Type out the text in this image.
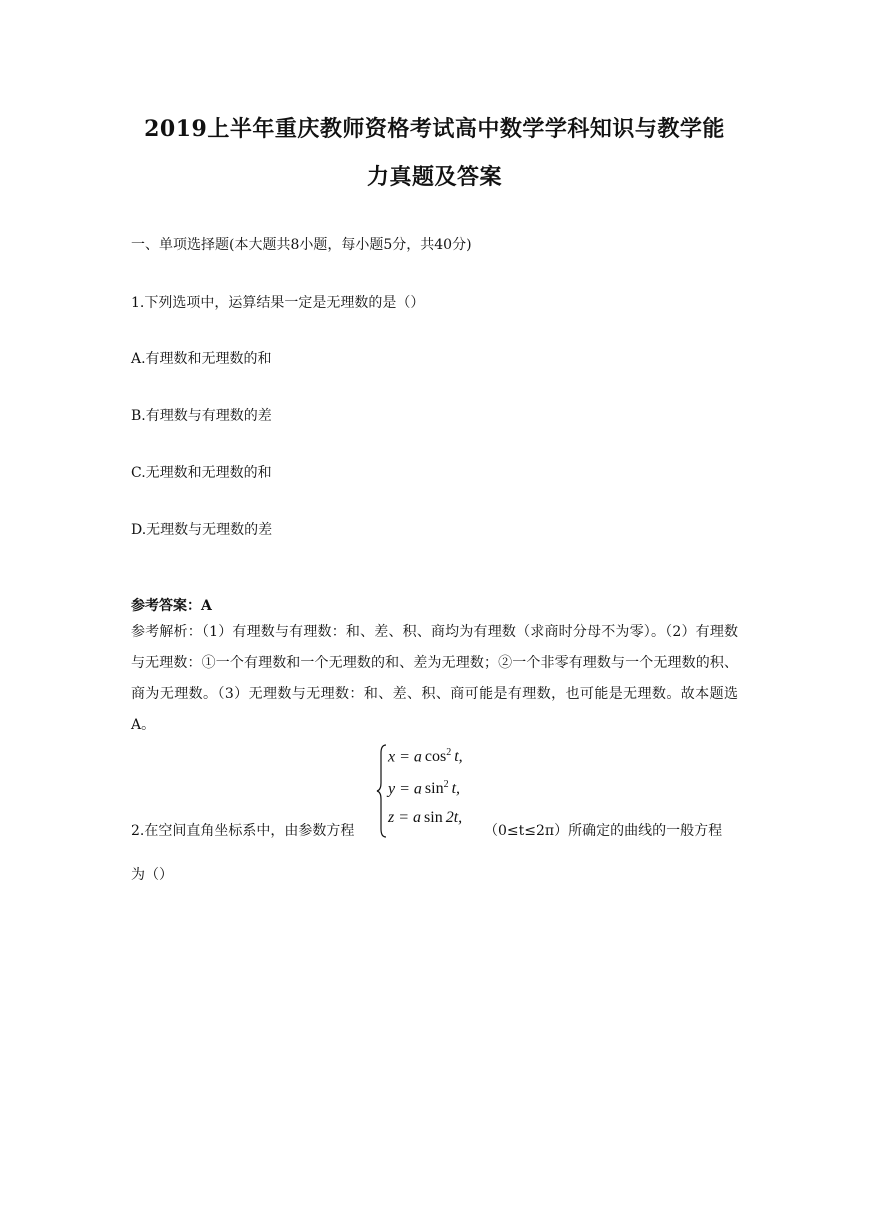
2019上半年重庆教师资格考试高中数学学科知识与教学能
力真题及答案
一、单项选择题(本大题共8小题，每小题5分，共40分)
1.下列选项中，运算结果一定是无理数的是（）
A.有理数和无理数的和
B.有理数与有理数的差
C.无理数和无理数的和
D.无理数与无理数的差
参考答案：A
参考解析：（1）有理数与有理数：和、差、积、商均为有理数（求商时分母不为零）。（2）有理数与无理数：①一个有理数和一个无理数的和、差为无理数；②一个非零有理数与一个无理数的积、商为无理数。（3）无理数与无理数：和、差、积、商可能是有理数，也可能是无理数。故本题选A。
x = a $\cos^2 t$,
y = a $\sin^2 t$,
z = a sin 2t,
2.在空间直角坐标系中，由参数方程	（0≤t≤2π）所确定的曲线的一般方程
为（）
